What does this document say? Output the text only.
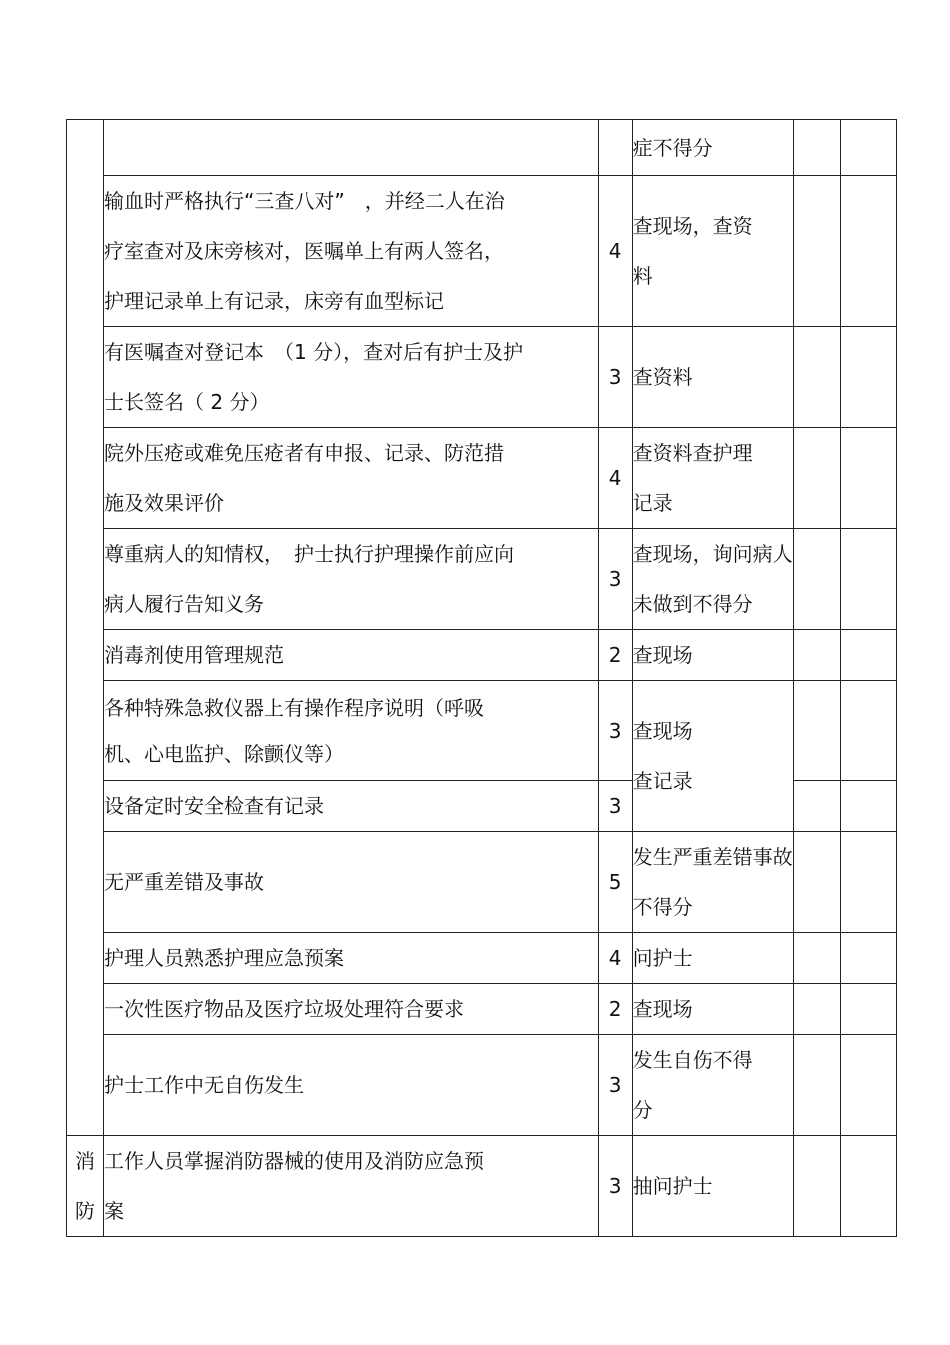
			症不得分		

	输血时严格执行“三查八对”　，并经二人在治
疗室查对及床旁核对，医嘱单上有两人签名，
护理记录单上有记录，床旁有血型标记	4	查现场，查资
料		

	有医嘱查对登记本　（1 分），查对后有护士及护
士长签名（ 2 分）	3	查资料		

	院外压疮或难免压疮者有申报、记录、防范措
施及效果评价	4	查资料查护理
记录		

	尊重病人的知情权，　护士执行护理操作前应向
病人履行告知义务	3	查现场，询问病人
未做到不得分		

	消毒剂使用管理规范	2	查现场		

	各种特殊急救仪器上有操作程序说明（呼吸
机、心电监护、除颤仪等）	3	查现场
查记录		

	设备定时安全检查有记录	3			

	无严重差错及事故	5	发生严重差错事故
不得分		

	护理人员熟悉护理应急预案	4	问护士		

	一次性医疗物品及医疗垃圾处理符合要求	2	查现场		

	护士工作中无自伤发生	3	发生自伤不得
分		

消
防	工作人员掌握消防器械的使用及消防应急预
案	3	抽问护士		
